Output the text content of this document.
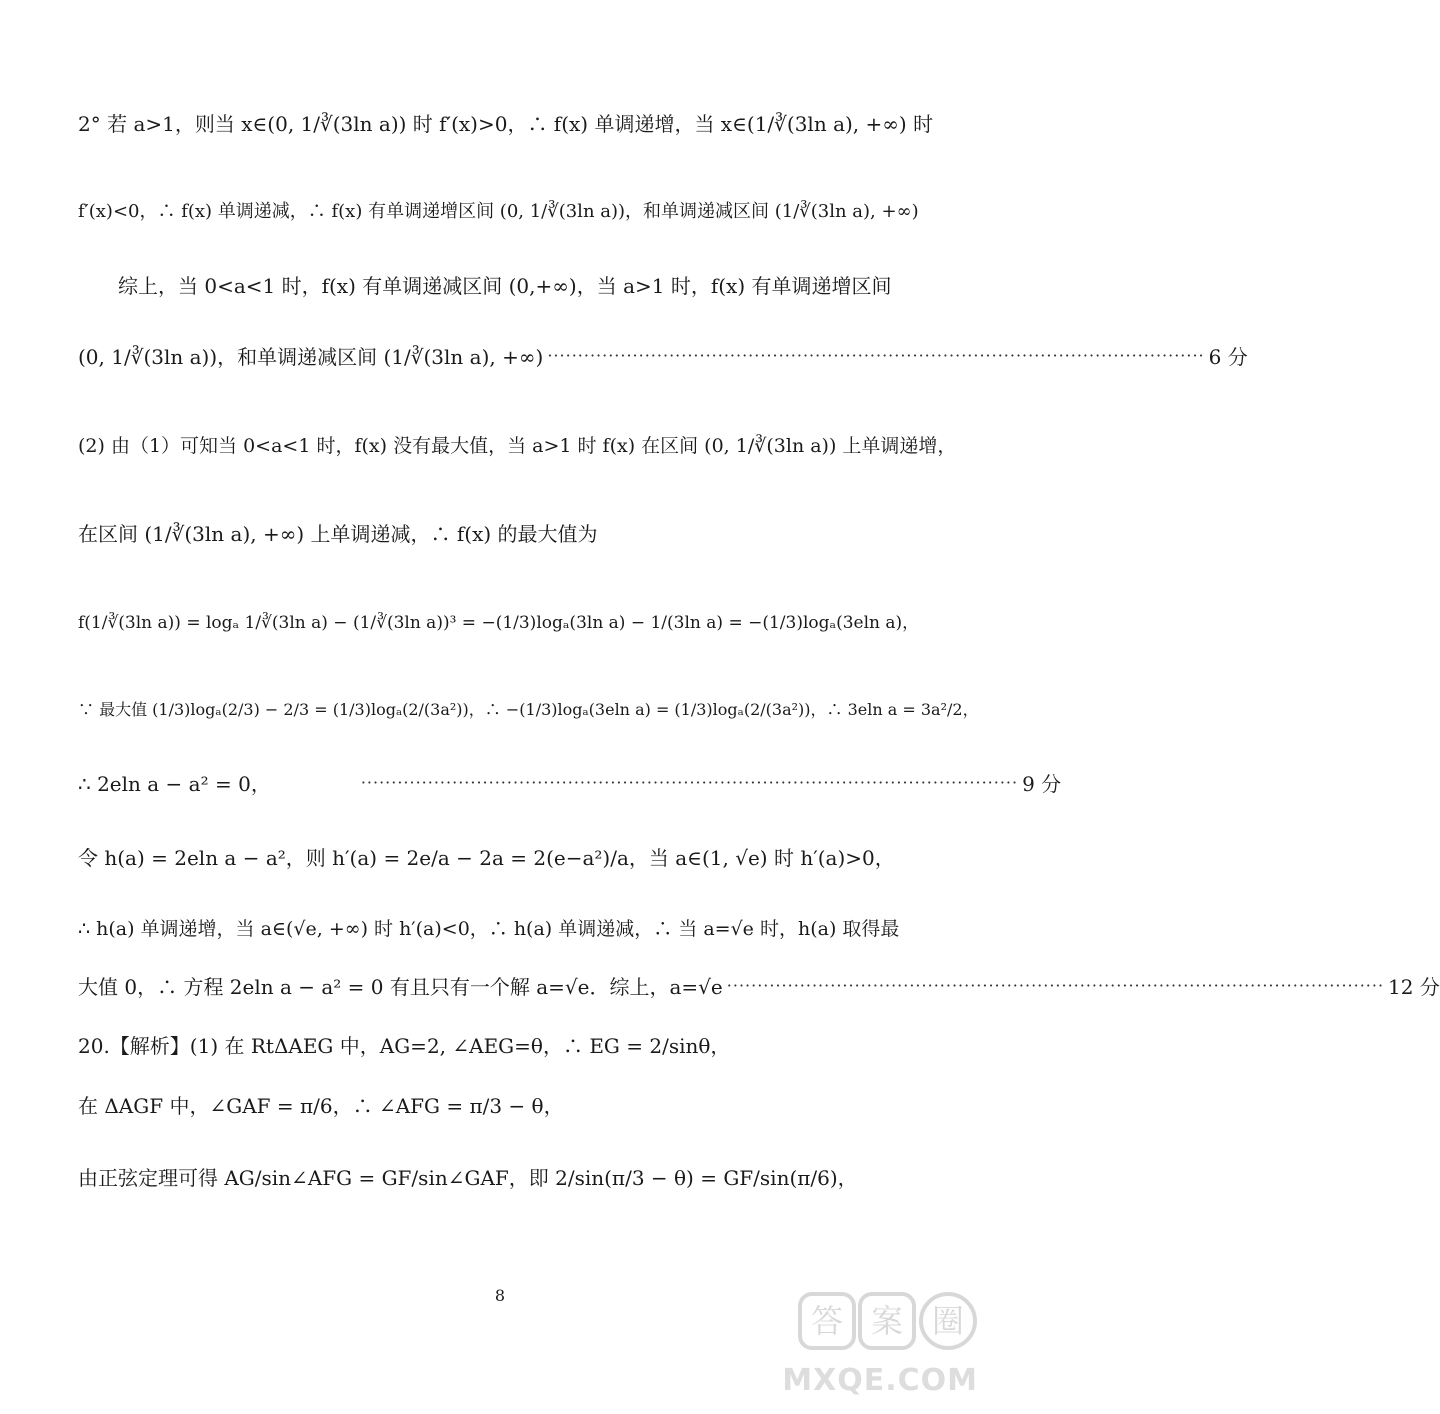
2° 若 a>1，则当 x∈(0, 1/∛(3ln a)) 时 f′(x)>0，∴ f(x) 单调递增，当 x∈(1/∛(3ln a), +∞) 时
f′(x)<0，∴ f(x) 单调递减，∴ f(x) 有单调递增区间 (0, 1/∛(3ln a))，和单调递减区间 (1/∛(3ln a), +∞)
　　综上，当 0<a<1 时，f(x) 有单调递减区间 (0,+∞)，当 a>1 时，f(x) 有单调递增区间
(0, 1/∛(3ln a))，和单调递减区间 (1/∛(3ln a), +∞) ············································································································ 6 分
(2) 由（1）可知当 0<a<1 时，f(x) 没有最大值，当 a>1 时 f(x) 在区间 (0, 1/∛(3ln a)) 上单调递增，
在区间 (1/∛(3ln a), +∞) 上单调递减，∴ f(x) 的最大值为
f(1/∛(3ln a)) = logₐ 1/∛(3ln a) − (1/∛(3ln a))³ = −(1/3)logₐ(3ln a) − 1/(3ln a) = −(1/3)logₐ(3eln a)，
∵ 最大值 (1/3)logₐ(2/3) − 2/3 = (1/3)logₐ(2/(3a²))，∴ −(1/3)logₐ(3eln a) = (1/3)logₐ(2/(3a²))，∴ 3eln a = 3a²/2，
∴ 2eln a − a² = 0，	············································································································ 9 分
令 h(a) = 2eln a − a²，则 h′(a) = 2e/a − 2a = 2(e−a²)/a，当 a∈(1, √e) 时 h′(a)>0，
∴ h(a) 单调递增，当 a∈(√e, +∞) 时 h′(a)<0，∴ h(a) 单调递减，∴ 当 a=√e 时，h(a) 取得最
大值 0，∴ 方程 2eln a − a² = 0 有且只有一个解 a=√e．综上，a=√e ············································································································ 12 分
20.【解析】(1) 在 RtΔAEG 中，AG=2, ∠AEG=θ，∴ EG = 2/sinθ，
在 ΔAGF 中，∠GAF = π/6，∴ ∠AFG = π/3 − θ，
由正弦定理可得 AG/sin∠AFG = GF/sin∠GAF，即 2/sin(π/3 − θ) = GF/sin(π/6)，
8
答 案 圈
MXQE.COM
